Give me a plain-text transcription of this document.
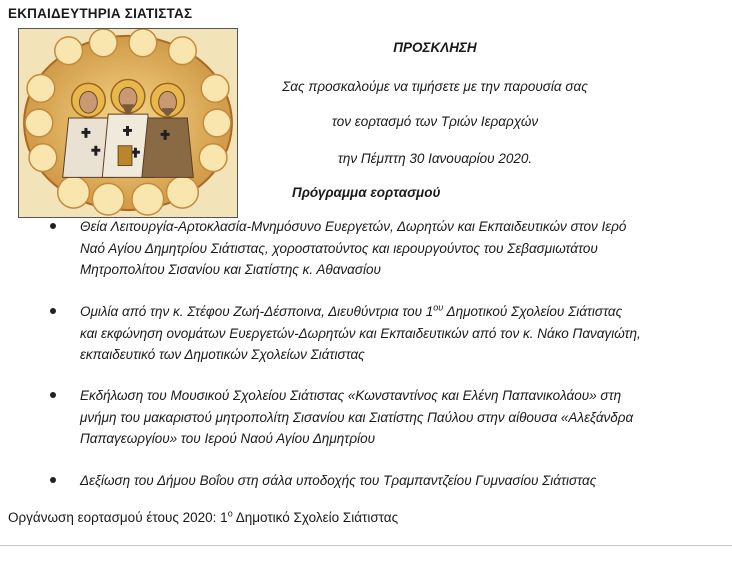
ΕΚΠΑΙΔΕΥΤΗΡΙΑ ΣΙΑΤΙΣΤΑΣ
ΠΡΟΣΚΛΗΣΗ
Σας προσκαλούμε να τιμήσετε με την παρουσία σας
τον εορτασμό των Τριών Ιεραρχών
την Πέμπτη 30 Ιανουαρίου 2020.
Πρόγραμμα εορτασμού
Θεία Λειτουργία-Αρτοκλασία-Μνημόσυνο Ευεργετών, Δωρητών και Εκπαιδευτικών στον Ιερό
Ναό Αγίου Δημητρίου Σιάτιστας, χοροστατούντος και ιερουργούντος του Σεβασμιωτάτου
Μητροπολίτου Σισανίου και Σιατίστης κ. Αθανασίου
Ομιλία από την κ. Στέφου Ζωή-Δέσποινα, Διευθύντρια του $1^{o\upsilon}$ Δημοτικού Σχολείου Σιάτιστας
και εκφώνηση ονομάτων Ευεργετών-Δωρητών και Εκπαιδευτικών από τον κ. Νάκο Παναγιώτη,
εκπαιδευτικό των Δημοτικών Σχολείων Σιάτιστας
Εκδήλωση του Μουσικού Σχολείου Σιάτιστας «Κωνσταντίνος και Ελένη Παπανικολάου» στη
μνήμη του μακαριστού μητροπολίτη Σισανίου και Σιατίστης Παύλου στην αίθουσα «Αλεξάνδρα
Παπαγεωργίου» του Ιερού Ναού Αγίου Δημητρίου
Δεξίωση του Δήμου Βοΐου στη σάλα υποδοχής του Τραμπαντζείου Γυμνασίου Σιάτιστας
Οργάνωση εορτασμού έτους 2020: $1^o$ Δημοτικό Σχολείο Σιάτιστας
